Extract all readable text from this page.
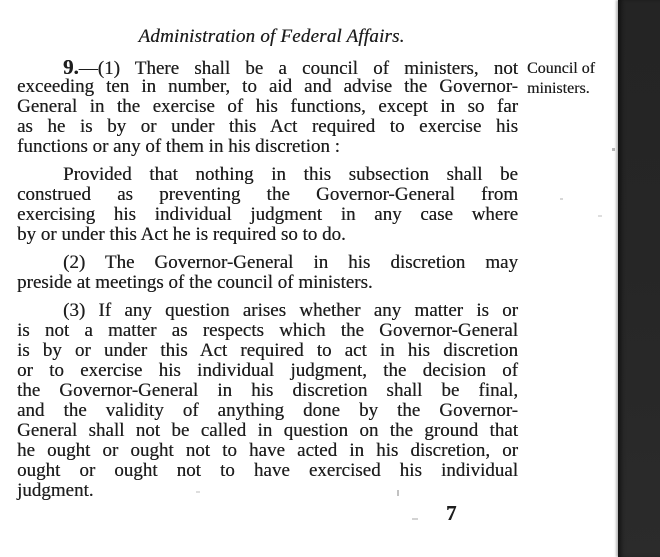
Administration of Federal Affairs.
Council of
ministers.
9.—(1) There shall be a council of ministers, not
exceeding ten in number, to aid and advise the Governor-
General in the exercise of his functions, except in so far
as he is by or under this Act required to exercise his
functions or any of them in his discretion :
Provided that nothing in this subsection shall be
construed as preventing the Governor-General from
exercising his individual judgment in any case where
by or under this Act he is required so to do.
(2) The Governor-General in his discretion may
preside at meetings of the council of ministers.
(3) If any question arises whether any matter is or
is not a matter as respects which the Governor-General
is by or under this Act required to act in his discretion
or to exercise his individual judgment, the decision of
the Governor-General in his discretion shall be final,
and the validity of anything done by the Governor-
General shall not be called in question on the ground that
he ought or ought not to have acted in his discretion, or
ought or ought not to have exercised his individual
judgment.
7
